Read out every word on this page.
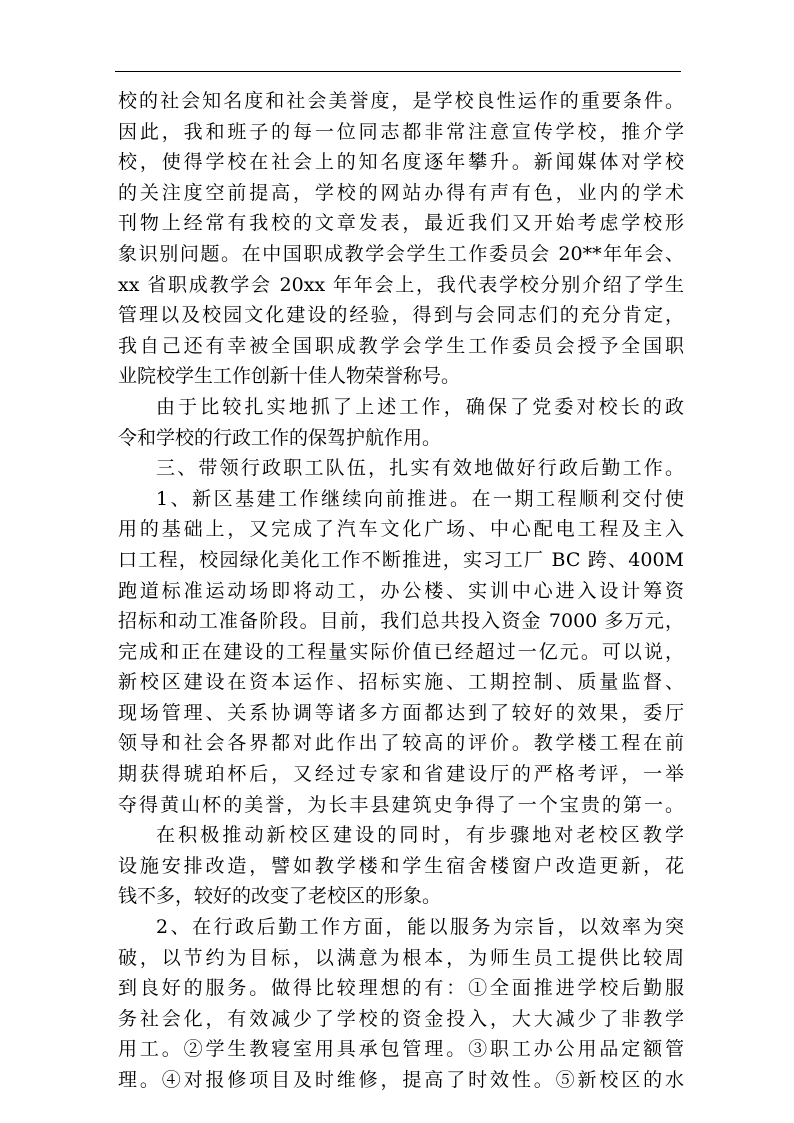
校的社会知名度和社会美誉度，是学校良性运作的重要条件。
因此，我和班子的每一位同志都非常注意宣传学校，推介学
校，使得学校在社会上的知名度逐年攀升。新闻媒体对学校
的关注度空前提高，学校的网站办得有声有色，业内的学术
刊物上经常有我校的文章发表，最近我们又开始考虑学校形
象识别问题。在中国职成教学会学生工作委员会 20**年年会、
xx 省职成教学会 20xx 年年会上，我代表学校分别介绍了学生
管理以及校园文化建设的经验，得到与会同志们的充分肯定，
我自己还有幸被全国职成教学会学生工作委员会授予全国职
业院校学生工作创新十佳人物荣誉称号。
由于比较扎实地抓了上述工作，确保了党委对校长的政
令和学校的行政工作的保驾护航作用。
三、带领行政职工队伍，扎实有效地做好行政后勤工作。
1、新区基建工作继续向前推进。在一期工程顺利交付使
用的基础上，又完成了汽车文化广场、中心配电工程及主入
口工程，校园绿化美化工作不断推进，实习工厂 BC 跨、400M
跑道标准运动场即将动工，办公楼、实训中心进入设计筹资
招标和动工准备阶段。目前，我们总共投入资金 7000 多万元，
完成和正在建设的工程量实际价值已经超过一亿元。可以说，
新校区建设在资本运作、招标实施、工期控制、质量监督、
现场管理、关系协调等诸多方面都达到了较好的效果，委厅
领导和社会各界都对此作出了较高的评价。教学楼工程在前
期获得琥珀杯后，又经过专家和省建设厅的严格考评，一举
夺得黄山杯的美誉，为长丰县建筑史争得了一个宝贵的第一。
在积极推动新校区建设的同时，有步骤地对老校区教学
设施安排改造，譬如教学楼和学生宿舍楼窗户改造更新，花
钱不多，较好的改变了老校区的形象。
2、在行政后勤工作方面，能以服务为宗旨，以效率为突
破，以节约为目标，以满意为根本，为师生员工提供比较周
到良好的服务。做得比较理想的有：①全面推进学校后勤服
务社会化，有效减少了学校的资金投入，大大减少了非教学
用工。②学生教寝室用具承包管理。③职工办公用品定额管
理。④对报修项目及时维修，提高了时效性。⑤新校区的水
